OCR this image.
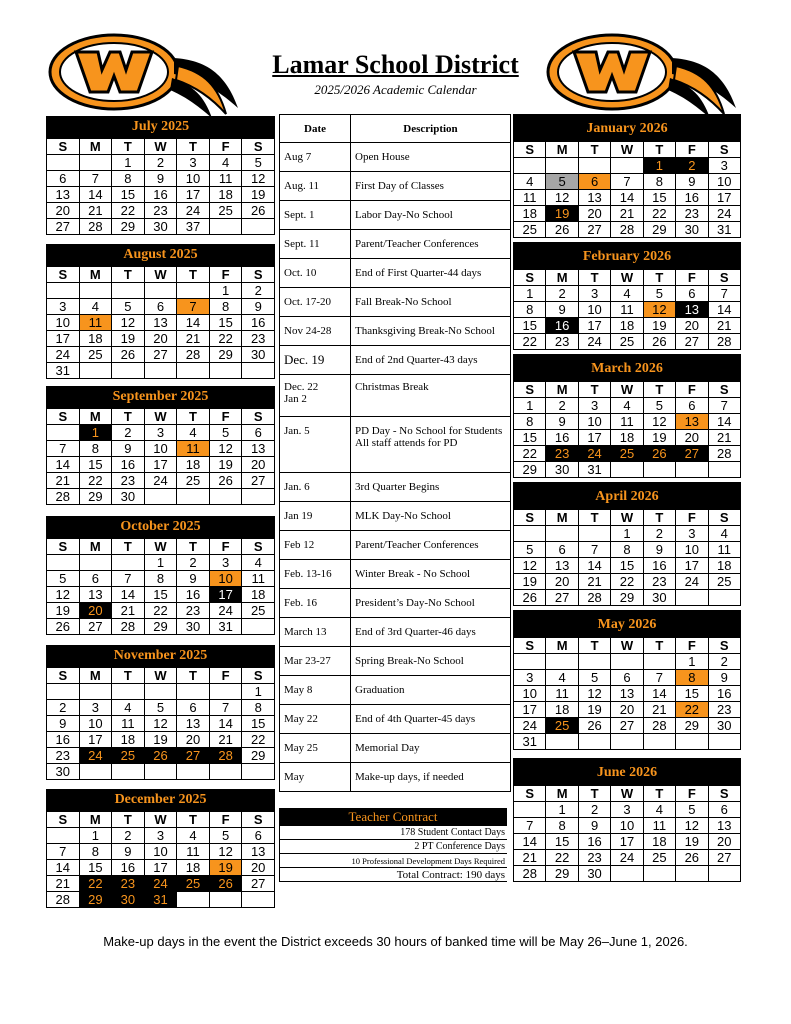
Lamar School District
2025/2026 Academic Calendar
July 2025
S	M	T	W	T	F	S
		1	2	3	4	5
6	7	8	9	10	11	12
13	14	15	16	17	18	19
20	21	22	23	24	25	26
27	28	29	30	37		
August 2025
S	M	T	W	T	F	S
					1	2
3	4	5	6	7	8	9
10	11	12	13	14	15	16
17	18	19	20	21	22	23
24	25	26	27	28	29	30
31						
September 2025
S	M	T	W	T	F	S
	1	2	3	4	5	6
7	8	9	10	11	12	13
14	15	16	17	18	19	20
21	22	23	24	25	26	27
28	29	30				
October 2025
S	M	T	W	T	F	S
			1	2	3	4
5	6	7	8	9	10	11
12	13	14	15	16	17	18
19	20	21	22	23	24	25
26	27	28	29	30	31	
November 2025
S	M	T	W	T	F	S
						1
2	3	4	5	6	7	8
9	10	11	12	13	14	15
16	17	18	19	20	21	22
23	24	25	26	27	28	29
30						
December 2025
S	M	T	W	T	F	S
	1	2	3	4	5	6
7	8	9	10	11	12	13
14	15	16	17	18	19	20
21	22	23	24	25	26	27
28	29	30	31			
January 2026
S	M	T	W	T	F	S
				1	2	3
4	5	6	7	8	9	10
11	12	13	14	15	16	17
18	19	20	21	22	23	24
25	26	27	28	29	30	31
February 2026
S	M	T	W	T	F	S
1	2	3	4	5	6	7
8	9	10	11	12	13	14
15	16	17	18	19	20	21
22	23	24	25	26	27	28
March 2026
S	M	T	W	T	F	S
1	2	3	4	5	6	7
8	9	10	11	12	13	14
15	16	17	18	19	20	21
22	23	24	25	26	27	28
29	30	31				
April 2026
S	M	T	W	T	F	S
			1	2	3	4
5	6	7	8	9	10	11
12	13	14	15	16	17	18
19	20	21	22	23	24	25
26	27	28	29	30		
May 2026
S	M	T	W	T	F	S
					1	2
3	4	5	6	7	8	9
10	11	12	13	14	15	16
17	18	19	20	21	22	23
24	25	26	27	28	29	30
31						
June 2026
S	M	T	W	T	F	S
	1	2	3	4	5	6
7	8	9	10	11	12	13
14	15	16	17	18	19	20
21	22	23	24	25	26	27
28	29	30				
Date	Description
Aug 7	Open House
Aug. 11	First Day of Classes
Sept. 1	Labor Day-No School
Sept. 11	Parent/Teacher Conferences
Oct. 10	End of First Quarter-44 days
Oct. 17-20	Fall Break-No School
Nov 24-28	Thanksgiving Break-No School
Dec. 19	End of 2nd Quarter-43 days

Dec. 22
Jan 2	Christmas Break
Jan. 5	PD Day - No School for Students
All staff attends for PD

Jan. 6	3rd Quarter Begins
Jan 19	MLK Day-No School
Feb 12	Parent/Teacher Conferences
Feb. 13-16	Winter Break - No School
Feb. 16	President’s Day-No School
March 13	End of 3rd Quarter-46 days
Mar 23-27	Spring Break-No School
May 8	Graduation
May 22	End of 4th Quarter-45 days
May 25	Memorial Day
May	Make-up days, if needed
Teacher Contract
178 Student Contact Days
2 PT Conference Days
10 Professional Development Days Required
Total Contract: 190 days
Make-up days in the event the District exceeds 30 hours of banked time will be May 26–June 1, 2026.
